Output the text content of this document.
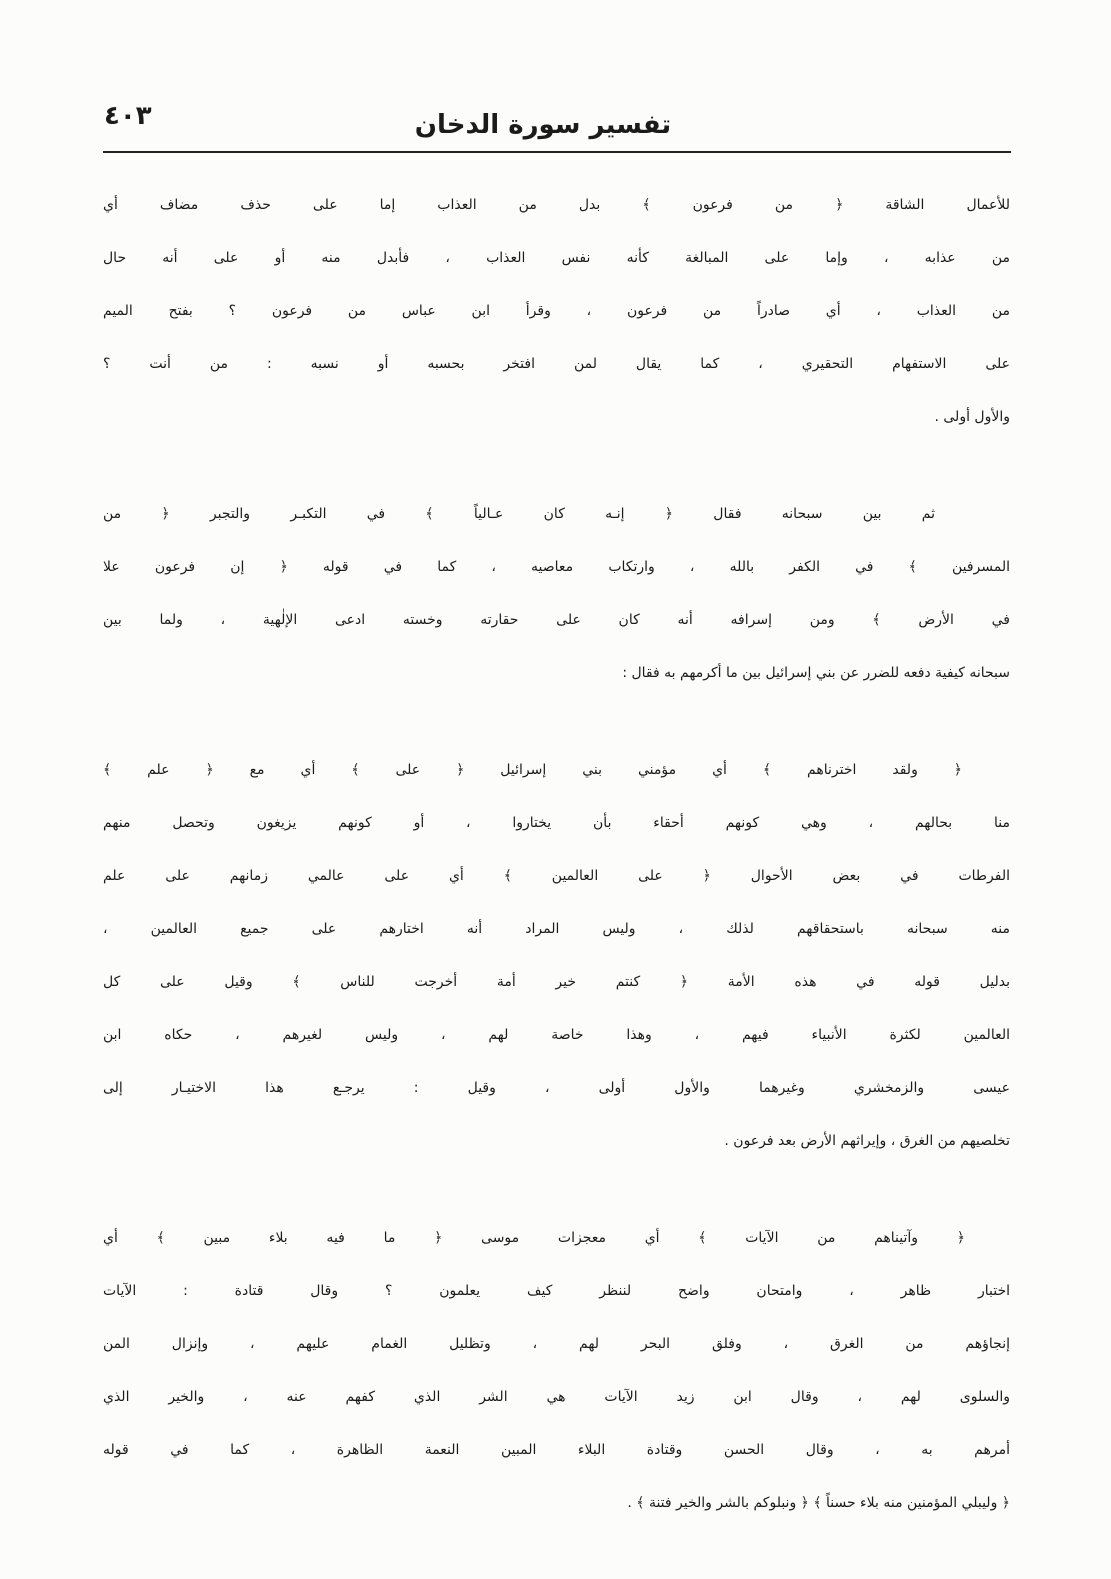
٤٠٣	تفسير سورة الدخان
للأعمال الشاقة ﴿ من فرعون ﴾ بدل من العذاب إما على حذف مضاف أي
من عذابه ، وإما على المبالغة كأنه نفس العذاب ، فأبدل منه أو على أنه حال
من العذاب ، أي صادراً من فرعون ، وقرأ ابن عباس من فرعون ؟ بفتح الميم
على الاستفهام التحقيري ، كما يقال لمن افتخر بحسبه أو نسبه : من أنت ؟
والأول أولى .
ثم بين سبحانه فقال ﴿ إنـه كان عـالياً ﴾ في التكبـر والتجبر ﴿ من
المسرفين ﴾ في الكفر بالله ، وارتكاب معاصيه ، كما في قوله ﴿ إن فرعون علا
في الأرض ﴾ ومن إسرافه أنه كان على حقارته وخسته ادعى الإلٰهية ، ولما بين
سبحانه كيفية دفعه للضرر عن بني إسرائيل بين ما أكرمهم به فقال :
﴿ ولقد اخترناهم ﴾ أي مؤمني بني إسرائيل ﴿ على ﴾ أي مع ﴿ علم ﴾
منا بحالهم ، وهي كونهم أحقاء بأن يختاروا ، أو كونهم يزيغون وتحصل منهم
الفرطات في بعض الأحوال ﴿ على العالمين ﴾ أي على عالمي زمانهم على علم
منه سبحانه باستحقاقهم لذلك ، وليس المراد أنه اختارهم على جميع العالمين ،
بدليل قوله في هذه الأمة ﴿ كنتم خير أمة أخرجت للناس ﴾ وقيل على كل
العالمين لكثرة الأنبياء فيهم ، وهذا خاصة لهم ، وليس لغيرهم ، حكاه ابن
عيسى والزمخشري وغيرهما والأول أولى ، وقيل : يرجـع هذا الاختيـار إلى
تخلصيهم من الغرق ، وإيراثهم الأرض بعد فرعون .
﴿ وآتيناهم من الآيات ﴾ أي معجزات موسى ﴿ ما فيه بلاء مبين ﴾ أي
اختبار ظاهر ، وامتحان واضح لننظر كيف يعلمون ؟ وقال قتادة : الآيات
إنجاؤهم من الغرق ، وفلق البحر لهم ، وتظليل الغمام عليهم ، وإنزال المن
والسلوى لهم ، وقال ابن زيد الآيات هي الشر الذي كفهم عنه ، والخير الذي
أمرهم به ، وقال الحسن وقتادة البلاء المبين النعمة الظاهرة ، كما في قوله
﴿ وليبلي المؤمنين منه بلاء حسناً ﴾ ﴿ ونبلوكم بالشر والخير فتنة ﴾ .
